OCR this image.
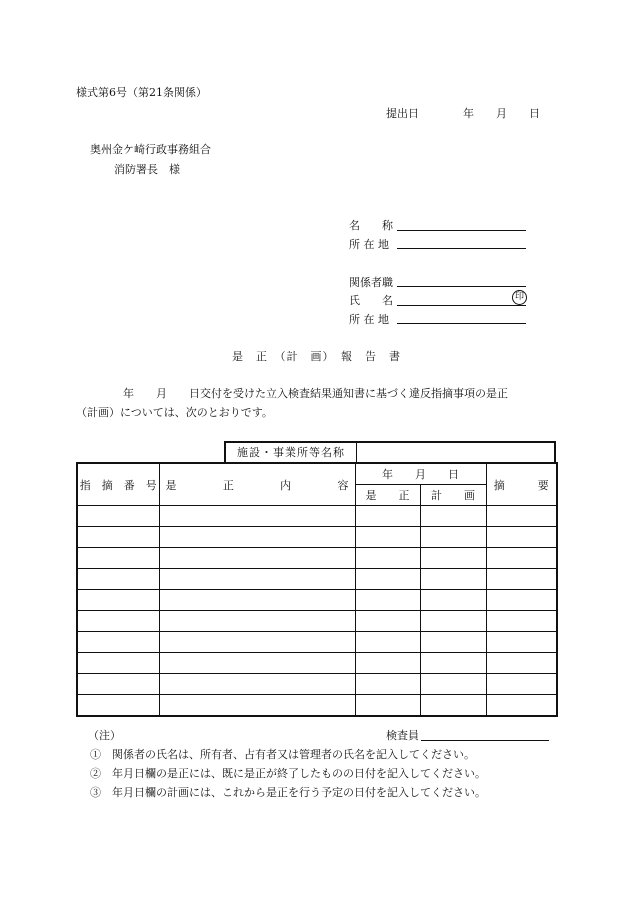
様式第6号（第21条関係）
提出日　　　　年　　月　　日
奥州金ケ崎行政事務組合
消防署長　様
名　　称
所 在 地
関係者職
氏　　名	印
所 在 地
是　正　（計　画）　報　告　書
　　　年　　月　　日交付を受けた立入検査結果通知書に基づく違反指摘事項の是正
（計画）については、次のとおりです。
施設・事業所等名称
指　摘　番　号	是 正 内 容	年　　月　　日		摘　　　要
		是　　正	計　　画	

（注）	検査員
①　関係者の氏名は、所有者、占有者又は管理者の氏名を記入してください。
②　年月日欄の是正には、既に是正が終了したものの日付を記入してください。
③　年月日欄の計画には、これから是正を行う予定の日付を記入してください。
